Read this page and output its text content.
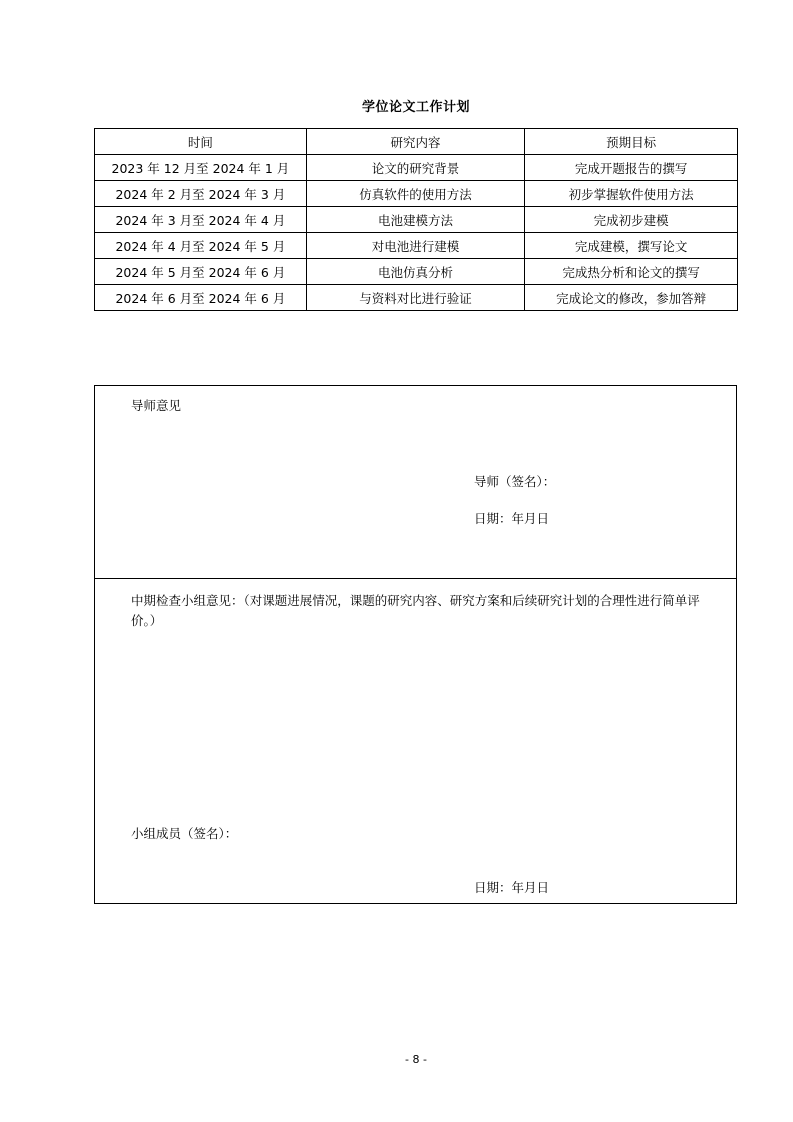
学位论文工作计划
时间	研究内容	预期目标
2023 年 12 月至 2024 年 1 月	论文的研究背景	完成开题报告的撰写
2024 年 2 月至 2024 年 3 月	仿真软件的使用方法	初步掌握软件使用方法
2024 年 3 月至 2024 年 4 月	电池建模方法	完成初步建模
2024 年 4 月至 2024 年 5 月	对电池进行建模	完成建模，撰写论文
2024 年 5 月至 2024 年 6 月	电池仿真分析	完成热分析和论文的撰写
2024 年 6 月至 2024 年 6 月	与资料对比进行验证	完成论文的修改，参加答辩
导师意见
导师（签名）：
日期：年月日
中期检查小组意见：（对课题进展情况，课题的研究内容、研究方案和后续研究计划的合理性进行简单评价。）
小组成员（签名）：
日期：年月日
- 8 -
